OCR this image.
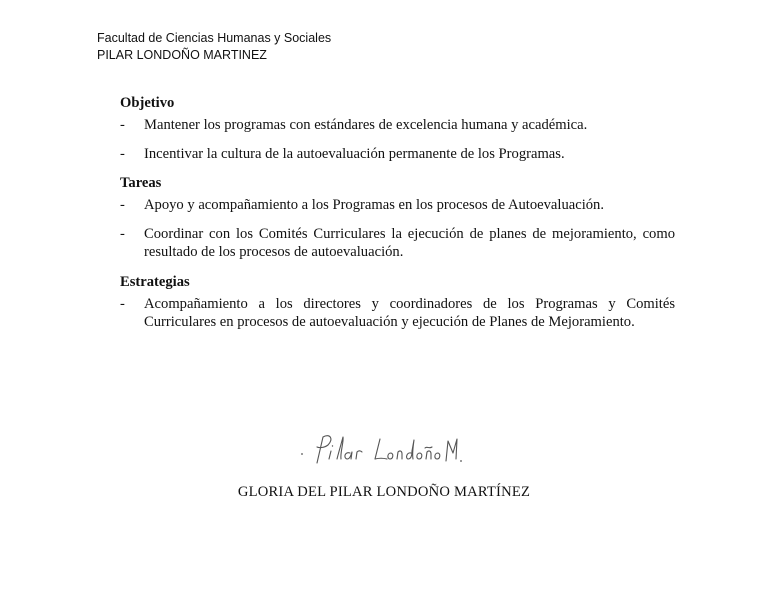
Facultad de Ciencias Humanas y Sociales
PILAR LONDOÑO MARTINEZ
Objetivo
- Mantener los programas con estándares de excelencia humana y académica.
- Incentivar la cultura de la autoevaluación permanente de los Programas.
Tareas
- Apoyo y acompañamiento a los Programas en los procesos de Autoevaluación.
- Coordinar con los Comités Curriculares la ejecución de planes de mejoramiento, como resultado de los procesos de autoevaluación.
Estrategias
- Acompañamiento a los directores y coordinadores de los Programas y Comités Curriculares en procesos de autoevaluación y ejecución de Planes de Mejoramiento.
GLORIA DEL PILAR LONDOÑO MARTÍNEZ
